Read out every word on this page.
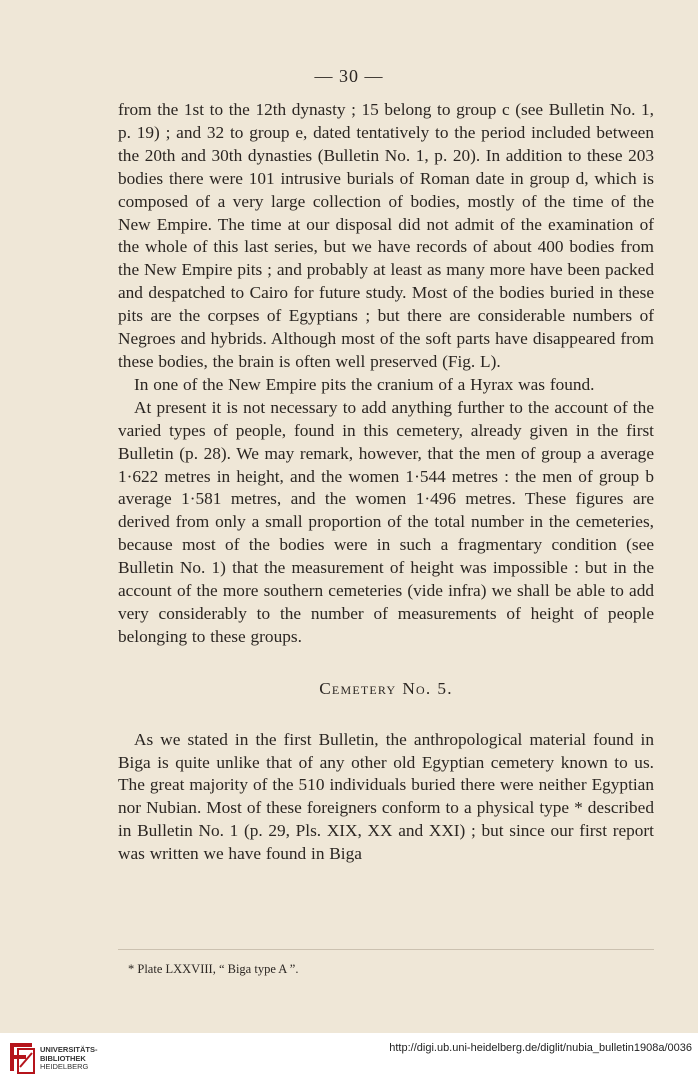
— 30 —

from the 1st to the 12th dynasty ; 15 belong to group c (see Bulletin No. 1, p. 19) ; and 32 to group e, dated tentatively to the period included between the 20th and 30th dynasties (Bulletin No. 1, p. 20). In addition to these 203 bodies there were 101 intrusive burials of Roman date in group d, which is composed of a very large collection of bodies, mostly of the time of the New Empire. The time at our disposal did not admit of the examination of the whole of this last series, but we have records of about 400 bodies from the New Empire pits ; and probably at least as many more have been packed and despatched to Cairo for future study. Most of the bodies buried in these pits are the corpses of Egyptians ; but there are considerable numbers of Negroes and hybrids. Although most of the soft parts have disappeared from these bodies, the brain is often well preserved (Fig. L).

In one of the New Empire pits the cranium of a Hyrax was found.

At present it is not necessary to add anything further to the account of the varied types of people, found in this cemetery, already given in the first Bulletin (p. 28). We may remark, however, that the men of group a average 1·622 metres in height, and the women 1·544 metres : the men of group b average 1·581 metres, and the women 1·496 metres. These figures are derived from only a small proportion of the total number in the cemeteries, because most of the bodies were in such a fragmentary condition (see Bulletin No. 1) that the measurement of height was impossible : but in the account of the more southern cemeteries (vide infra) we shall be able to add very considerably to the number of measurements of height of people belonging to these groups.

Cemetery No. 5.

As we stated in the first Bulletin, the anthropological material found in Biga is quite unlike that of any other old Egyptian cemetery known to us. The great majority of the 510 individuals buried there were neither Egyptian nor Nubian. Most of these foreigners conform to a physical type * described in Bulletin No. 1 (p. 29, Pls. XIX, XX and XXI) ; but since our first report was written we have found in Biga

* Plate LXXVIII, “ Biga type A ”.
UNIVERSITÄTS-
BIBLIOTHEK
HEIDELBERG
http://digi.ub.uni-heidelberg.de/diglit/nubia_bulletin1908a/0036
